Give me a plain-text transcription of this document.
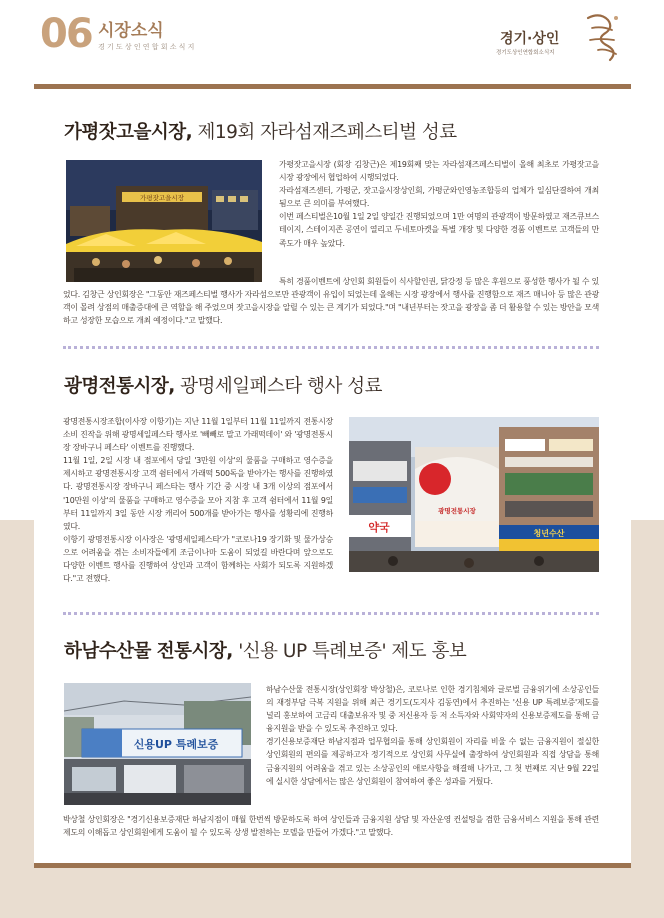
06 시장소식
경기도상인연합회소식지	경기·상인
경기도상인연합회소식지
가평잣고을시장, 제19회 자라섬재즈페스티벌 성료
가평잣고을시장
가평잣고을시장 (회장 김창근)은 제19회째 맞는 자라섬재즈페스티벌이 올해 최초로 가평잣고을시장 광장에서 협업하여 시행되었다.
자라섬재즈센터, 가평군, 잣고을시장상인회, 가평군와인영농조합등의 업체가 일심단결하여 개최됨으로 큰 의미를 부여했다.
이번 페스티벌은10월 1일 2일 양일간 진행되었으며 1만 여명의 관광객이 방문하였고 재즈큐브스테이지, 스테이지존 공연이 열리고 두네토마켓을 특별 개장 및 다양한 경품 이벤트로 고객들의 만족도가 매우 높았다.
특히 경품이벤트에 상인회 회원들이 식사할인권, 닭강정 등 많은 후원으로 풍성한 행사가 될 수 있었다. 김창근 상인회장은 "그동안 재즈페스티벌 행사가 자라섬으로만 관광객이 유입이 되었는데 올해는 시장 광장에서 행사를 진행함으로 재즈 매니아 등 많은 관광객이 몰려 상점의 매출증대에 큰 역할을 해 주었으며 잣고을시장을 알릴 수 있는 큰 계기가 되었다."며 "내년부터는 잣고을 광장을 좀 더 활용할 수 있는 방안을 모색하고 성장한 모습으로 개최 예정이다."고 말했다.
광명전통시장, 광명세일페스타 행사 성료
광명전통시장조합(이사장 이항기)는 지난 11월 1일부터 11월 11일까지 전통시장 소비 진작을 위해 광명세일페스타 행사로 '빼빼로 말고 가래떡데이' 와 '광명전통시장 장바구니 페스타' 이벤트를 진행했다.
11월 1일, 2일 시장 내 점포에서 당일 '3만원 이상'의 물품을 구매하고 영수증을 제시하고 광명전통시장 고객 쉼터에서 가래떡 500독을 받아가는 행사를 진행하였다. 광명전통시장 장바구니 페스타는 행사 기간 중 시장 내 3개 이상의 점포에서 '10만원 이상'의 물품을 구매하고 영수증을 모아 지참 후 고객 쉼터에서 11월 9일부터 11일까지 3일 동안 시장 캐리어 500개를 받아가는 행사를 성황리에 진행하였다.
이항기 광명전통시장 이사장은 '광명세일페스타'가 "코로나19 장기화 및 물가상승으로 어려움을 겪는 소비자들에게 조금이나마 도움이 되었길 바란다며 앞으로도 다양한 이벤트 행사를 진행하여 상인과 고객이 함께하는 사회가 되도록 지원하겠다."고 전했다.
약국
광명전통시장
청년수산
하남수산물 전통시장, '신용 UP 특례보증' 제도 홍보
신용UP 특례보증
하남수산물 전통시장(상인회장 박상철)은, 코로나로 인한 경기침체와 글로벌 금융위기에 소상공인들의 재정부담 극복 지원을 위해 최근 경기도(도지사 김동연)에서 추진하는 '신용 UP 특례보증'제도를 널리 홍보하여 고금리 대출보유자 및 중 저신용자 등 저 소득자와 사회약자의 신용보증제도를 통해 금융지원을 받을 수 있도록 추진하고 있다.
경기신용보증재단 하남지점과 업무협의를 통해 상인회원이 자리를 비울 수 없는 금융지원이 절실한 상인회원의 편의를 제공하고자 정기적으로 상인회 사무실에 출장하여 상인회원과 직접 상담을 통해 금융지원의 어려움을 겪고 있는 소상공인의 애로사항을 해결해 나가고, 그 첫 번째로 지난 9월 22일에 실시한 상담에서는 많은 상인회원이 참여하여 좋은 성과를 거뒀다.
박상철 상인회장은 "경기신용보증재단 하남지점이 매월 한번씩 방문하도록 하여 상인들과 금융지원 상담 및 자산운영 컨설팅을 겸한 금융서비스 지원을 통해 관련제도의 이해돕고 상인회원에게 도움이 될 수 있도록 상생 발전하는 모델을 만들어 가겠다."고 말했다.
